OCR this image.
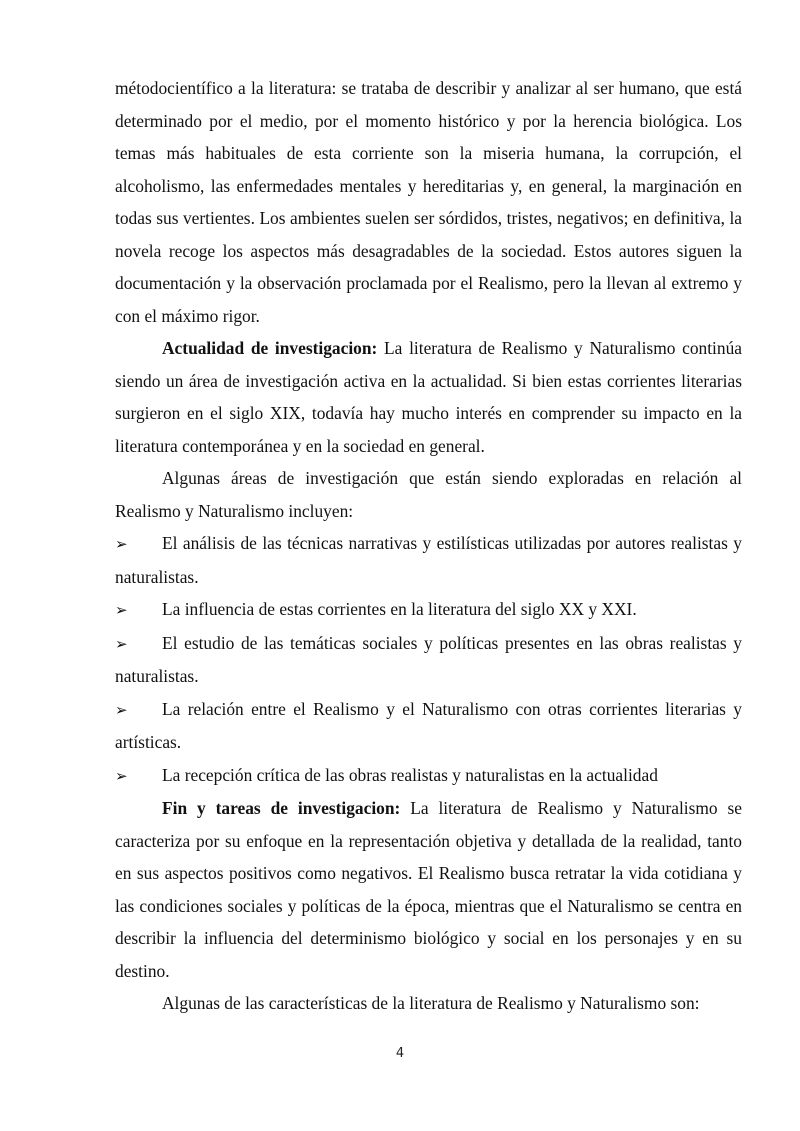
métodocientífico a la literatura: se trataba de describir y analizar al ser humano, que está determinado por el medio, por el momento histórico y por la herencia biológica. Los temas más habituales de esta corriente son la miseria humana, la corrupción, el alcoholismo, las enfermedades mentales y hereditarias y, en general, la marginación en todas sus vertientes. Los ambientes suelen ser sórdidos, tristes, negativos; en definitiva, la novela recoge los aspectos más desagradables de la sociedad. Estos autores siguen la documentación y la observación proclamada por el Realismo, pero la llevan al extremo y con el máximo rigor.

Actualidad de investigacion: La literatura de Realismo y Naturalismo continúa siendo un área de investigación activa en la actualidad. Si bien estas corrientes literarias surgieron en el siglo XIX, todavía hay mucho interés en comprender su impacto en la literatura contemporánea y en la sociedad en general.

Algunas áreas de investigación que están siendo exploradas en relación al Realismo y Naturalismo incluyen:

➢ El análisis de las técnicas narrativas y estilísticas utilizadas por autores realistas y naturalistas.

➢ La influencia de estas corrientes en la literatura del siglo XX y XXI.

➢ El estudio de las temáticas sociales y políticas presentes en las obras realistas y naturalistas.

➢ La relación entre el Realismo y el Naturalismo con otras corrientes literarias y artísticas.

➢ La recepción crítica de las obras realistas y naturalistas en la actualidad

Fin y tareas de investigacion: La literatura de Realismo y Naturalismo se caracteriza por su enfoque en la representación objetiva y detallada de la realidad, tanto en sus aspectos positivos como negativos. El Realismo busca retratar la vida cotidiana y las condiciones sociales y políticas de la época, mientras que el Naturalismo se centra en describir la influencia del determinismo biológico y social en los personajes y en su destino.

Algunas de las características de la literatura de Realismo y Naturalismo son:

4
